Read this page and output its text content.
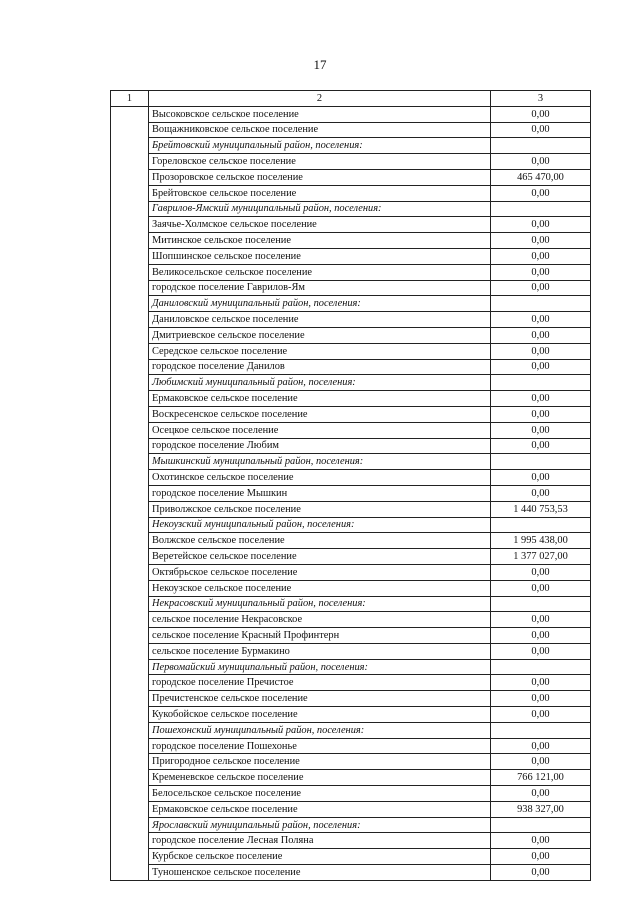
17
1	2	3
	Высоковское сельское поселение	0,00
	Вощажниковское сельское поселение	0,00
	Брейтовский муниципальный район, поселения:	
	Гореловское сельское поселение	0,00
	Прозоровское сельское поселение	465 470,00
	Брейтовское сельское поселение	0,00
	Гаврилов-Ямский муниципальный район, поселения:	
	Заячье-Холмское сельское поселение	0,00
	Митинское сельское поселение	0,00
	Шопшинское сельское поселение	0,00
	Великосельское сельское поселение	0,00
	городское поселение Гаврилов-Ям	0,00
	Даниловский муниципальный район, поселения:	
	Даниловское сельское поселение	0,00
	Дмитриевское сельское поселение	0,00
	Середское сельское поселение	0,00
	городское поселение Данилов	0,00
	Любимский муниципальный район, поселения:	
	Ермаковское сельское поселение	0,00
	Воскресенское сельское поселение	0,00
	Осецкое сельское поселение	0,00
	городское поселение Любим	0,00
	Мышкинский муниципальный район, поселения:	
	Охотинское сельское поселение	0,00
	городское поселение Мышкин	0,00
	Приволжское сельское поселение	1 440 753,53
	Некоузский муниципальный район, поселения:	
	Волжское сельское поселение	1 995 438,00
	Веретейское сельское поселение	1 377 027,00
	Октябрьское сельское поселение	0,00
	Некоузское сельское поселение	0,00
	Некрасовский муниципальный район, поселения:	
	сельское поселение Некрасовское	0,00
	сельское поселение Красный Профинтерн	0,00
	сельское поселение Бурмакино	0,00
	Первомайский муниципальный район, поселения:	
	городское поселение Пречистое	0,00
	Пречистенское сельское поселение	0,00
	Кукобойское сельское поселение	0,00
	Пошехонский муниципальный район, поселения:	
	городское поселение Пошехонье	0,00
	Пригородное сельское поселение	0,00
	Кременевское сельское поселение	766 121,00
	Белосельское сельское поселение	0,00
	Ермаковское сельское поселение	938 327,00
	Ярославский муниципальный район, поселения:	
	городское поселение Лесная Поляна	0,00
	Курбское сельское поселение	0,00
	Туношенское сельское поселение	0,00
